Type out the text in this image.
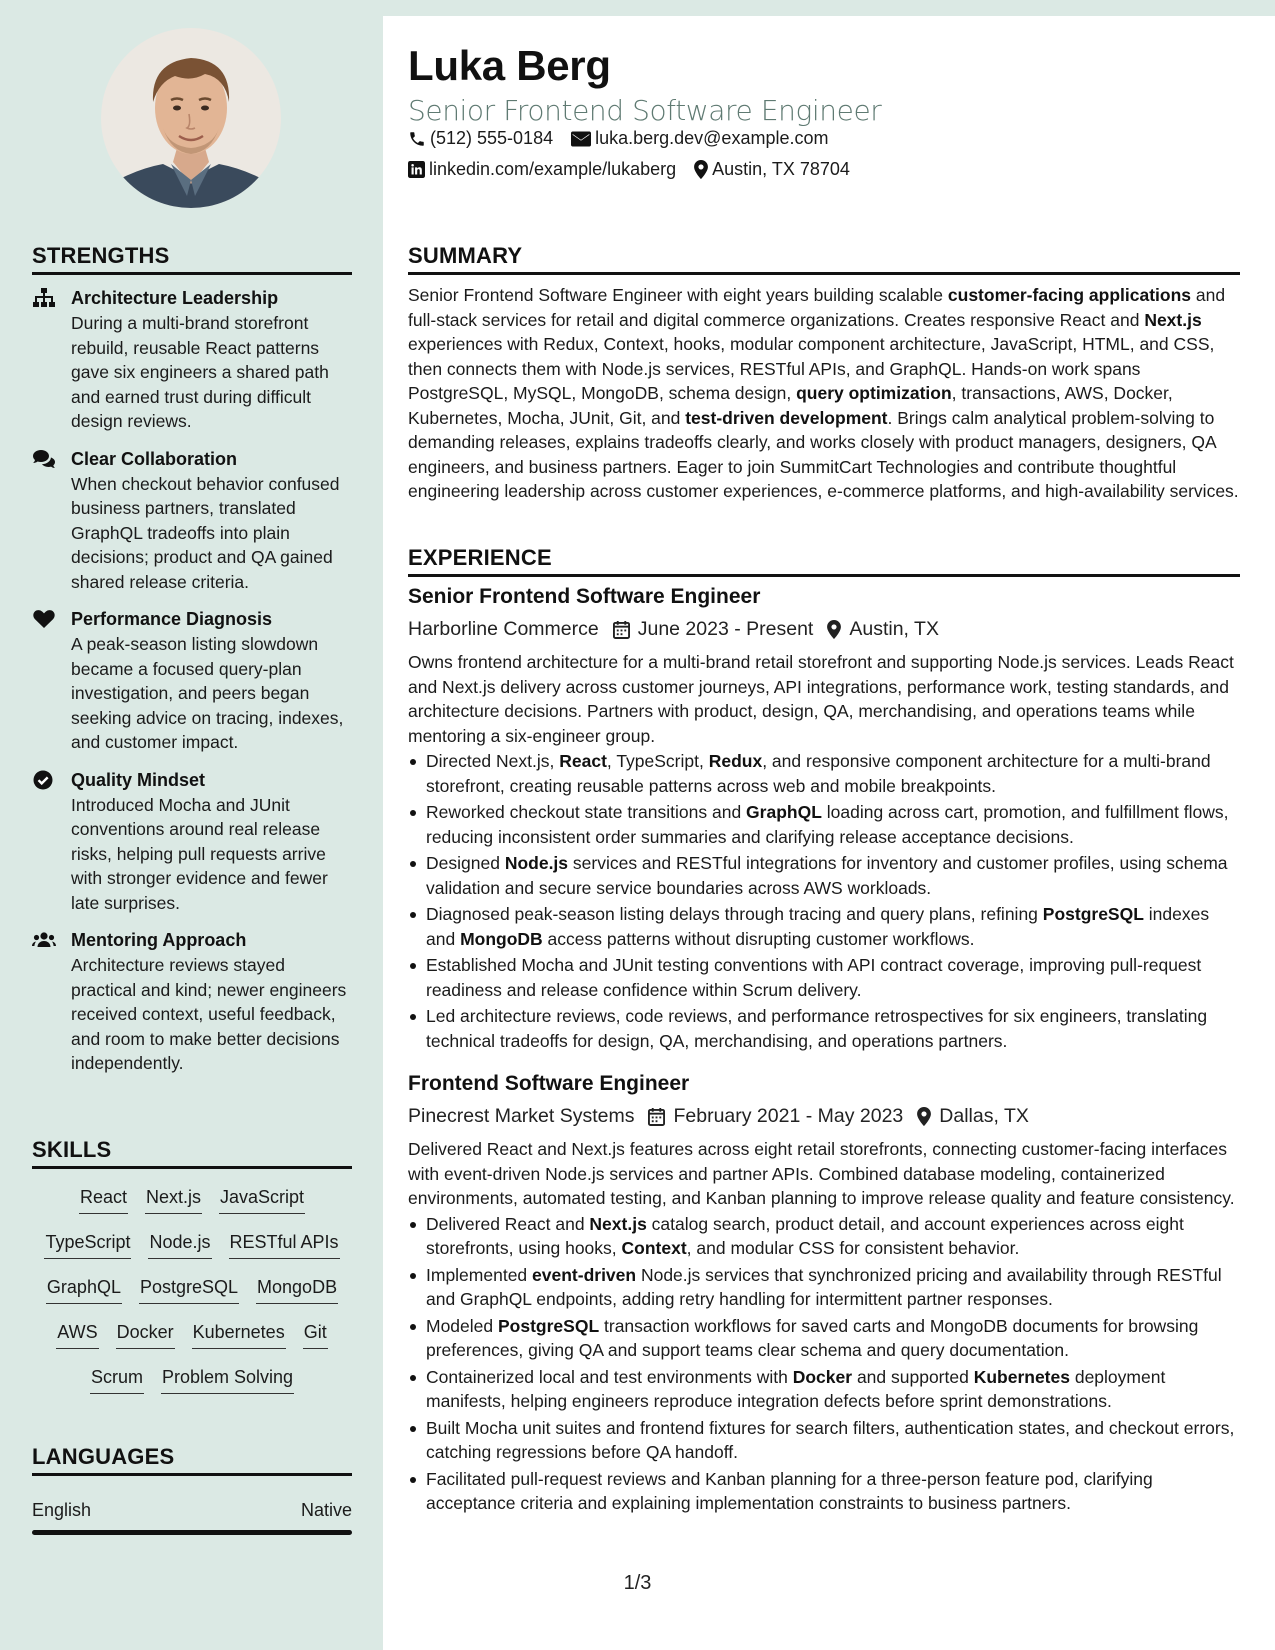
Luka Berg
Senior Frontend Software Engineer
(512) 555-0184 luka.berg.dev@example.com
linkedin.com/example/lukaberg Austin, TX 78704
STRENGTHS
Architecture Leadership
During a multi-brand storefront rebuild, reusable React patterns gave six engineers a shared path and earned trust during difficult design reviews.
Clear Collaboration
When checkout behavior confused business partners, translated GraphQL tradeoffs into plain decisions; product and QA gained shared release criteria.
Performance Diagnosis
A peak-season listing slowdown became a focused query-plan investigation, and peers began seeking advice on tracing, indexes, and customer impact.
Quality Mindset
Introduced Mocha and JUnit conventions around real release risks, helping pull requests arrive with stronger evidence and fewer late surprises.
Mentoring Approach
Architecture reviews stayed practical and kind; newer engineers received context, useful feedback, and room to make better decisions independently.
SKILLS
React Next.js JavaScript
TypeScript Node.js RESTful APIs
GraphQL PostgreSQL MongoDB
AWS Docker Kubernetes Git
Scrum Problem Solving
LANGUAGES
English	Native
SUMMARY
Senior Frontend Software Engineer with eight years building scalable customer-facing applications and full-stack services for retail and digital commerce organizations. Creates responsive React and Next.js experiences with Redux, Context, hooks, modular component architecture, JavaScript, HTML, and CSS, then connects them with Node.js services, RESTful APIs, and GraphQL. Hands-on work spans PostgreSQL, MySQL, MongoDB, schema design, query optimization, transactions, AWS, Docker, Kubernetes, Mocha, JUnit, Git, and test-driven development. Brings calm analytical problem-solving to demanding releases, explains tradeoffs clearly, and works closely with product managers, designers, QA engineers, and business partners. Eager to join SummitCart Technologies and contribute thoughtful engineering leadership across customer experiences, e-commerce platforms, and high-availability services.
EXPERIENCE
Senior Frontend Software Engineer
Harborline Commerce June 2023 - Present Austin, TX
Owns frontend architecture for a multi-brand retail storefront and supporting Node.js services. Leads React and Next.js delivery across customer journeys, API integrations, performance work, testing standards, and architecture decisions. Partners with product, design, QA, merchandising, and operations teams while mentoring a six-engineer group.
Directed Next.js, React, TypeScript, Redux, and responsive component architecture for a multi-brand storefront, creating reusable patterns across web and mobile breakpoints.
Reworked checkout state transitions and GraphQL loading across cart, promotion, and fulfillment flows, reducing inconsistent order summaries and clarifying release acceptance decisions.
Designed Node.js services and RESTful integrations for inventory and customer profiles, using schema validation and secure service boundaries across AWS workloads.
Diagnosed peak-season listing delays through tracing and query plans, refining PostgreSQL indexes and MongoDB access patterns without disrupting customer workflows.
Established Mocha and JUnit testing conventions with API contract coverage, improving pull-request readiness and release confidence within Scrum delivery.
Led architecture reviews, code reviews, and performance retrospectives for six engineers, translating technical tradeoffs for design, QA, merchandising, and operations partners.
Frontend Software Engineer
Pinecrest Market Systems February 2021 - May 2023 Dallas, TX
Delivered React and Next.js features across eight retail storefronts, connecting customer-facing interfaces with event-driven Node.js services and partner APIs. Combined database modeling, containerized environments, automated testing, and Kanban planning to improve release quality and feature consistency.
Delivered React and Next.js catalog search, product detail, and account experiences across eight storefronts, using hooks, Context, and modular CSS for consistent behavior.
Implemented event-driven Node.js services that synchronized pricing and availability through RESTful and GraphQL endpoints, adding retry handling for intermittent partner responses.
Modeled PostgreSQL transaction workflows for saved carts and MongoDB documents for browsing preferences, giving QA and support teams clear schema and query documentation.
Containerized local and test environments with Docker and supported Kubernetes deployment manifests, helping engineers reproduce integration defects before sprint demonstrations.
Built Mocha unit suites and frontend fixtures for search filters, authentication states, and checkout errors, catching regressions before QA handoff.
Facilitated pull-request reviews and Kanban planning for a three-person feature pod, clarifying acceptance criteria and explaining implementation constraints to business partners.
1/3
